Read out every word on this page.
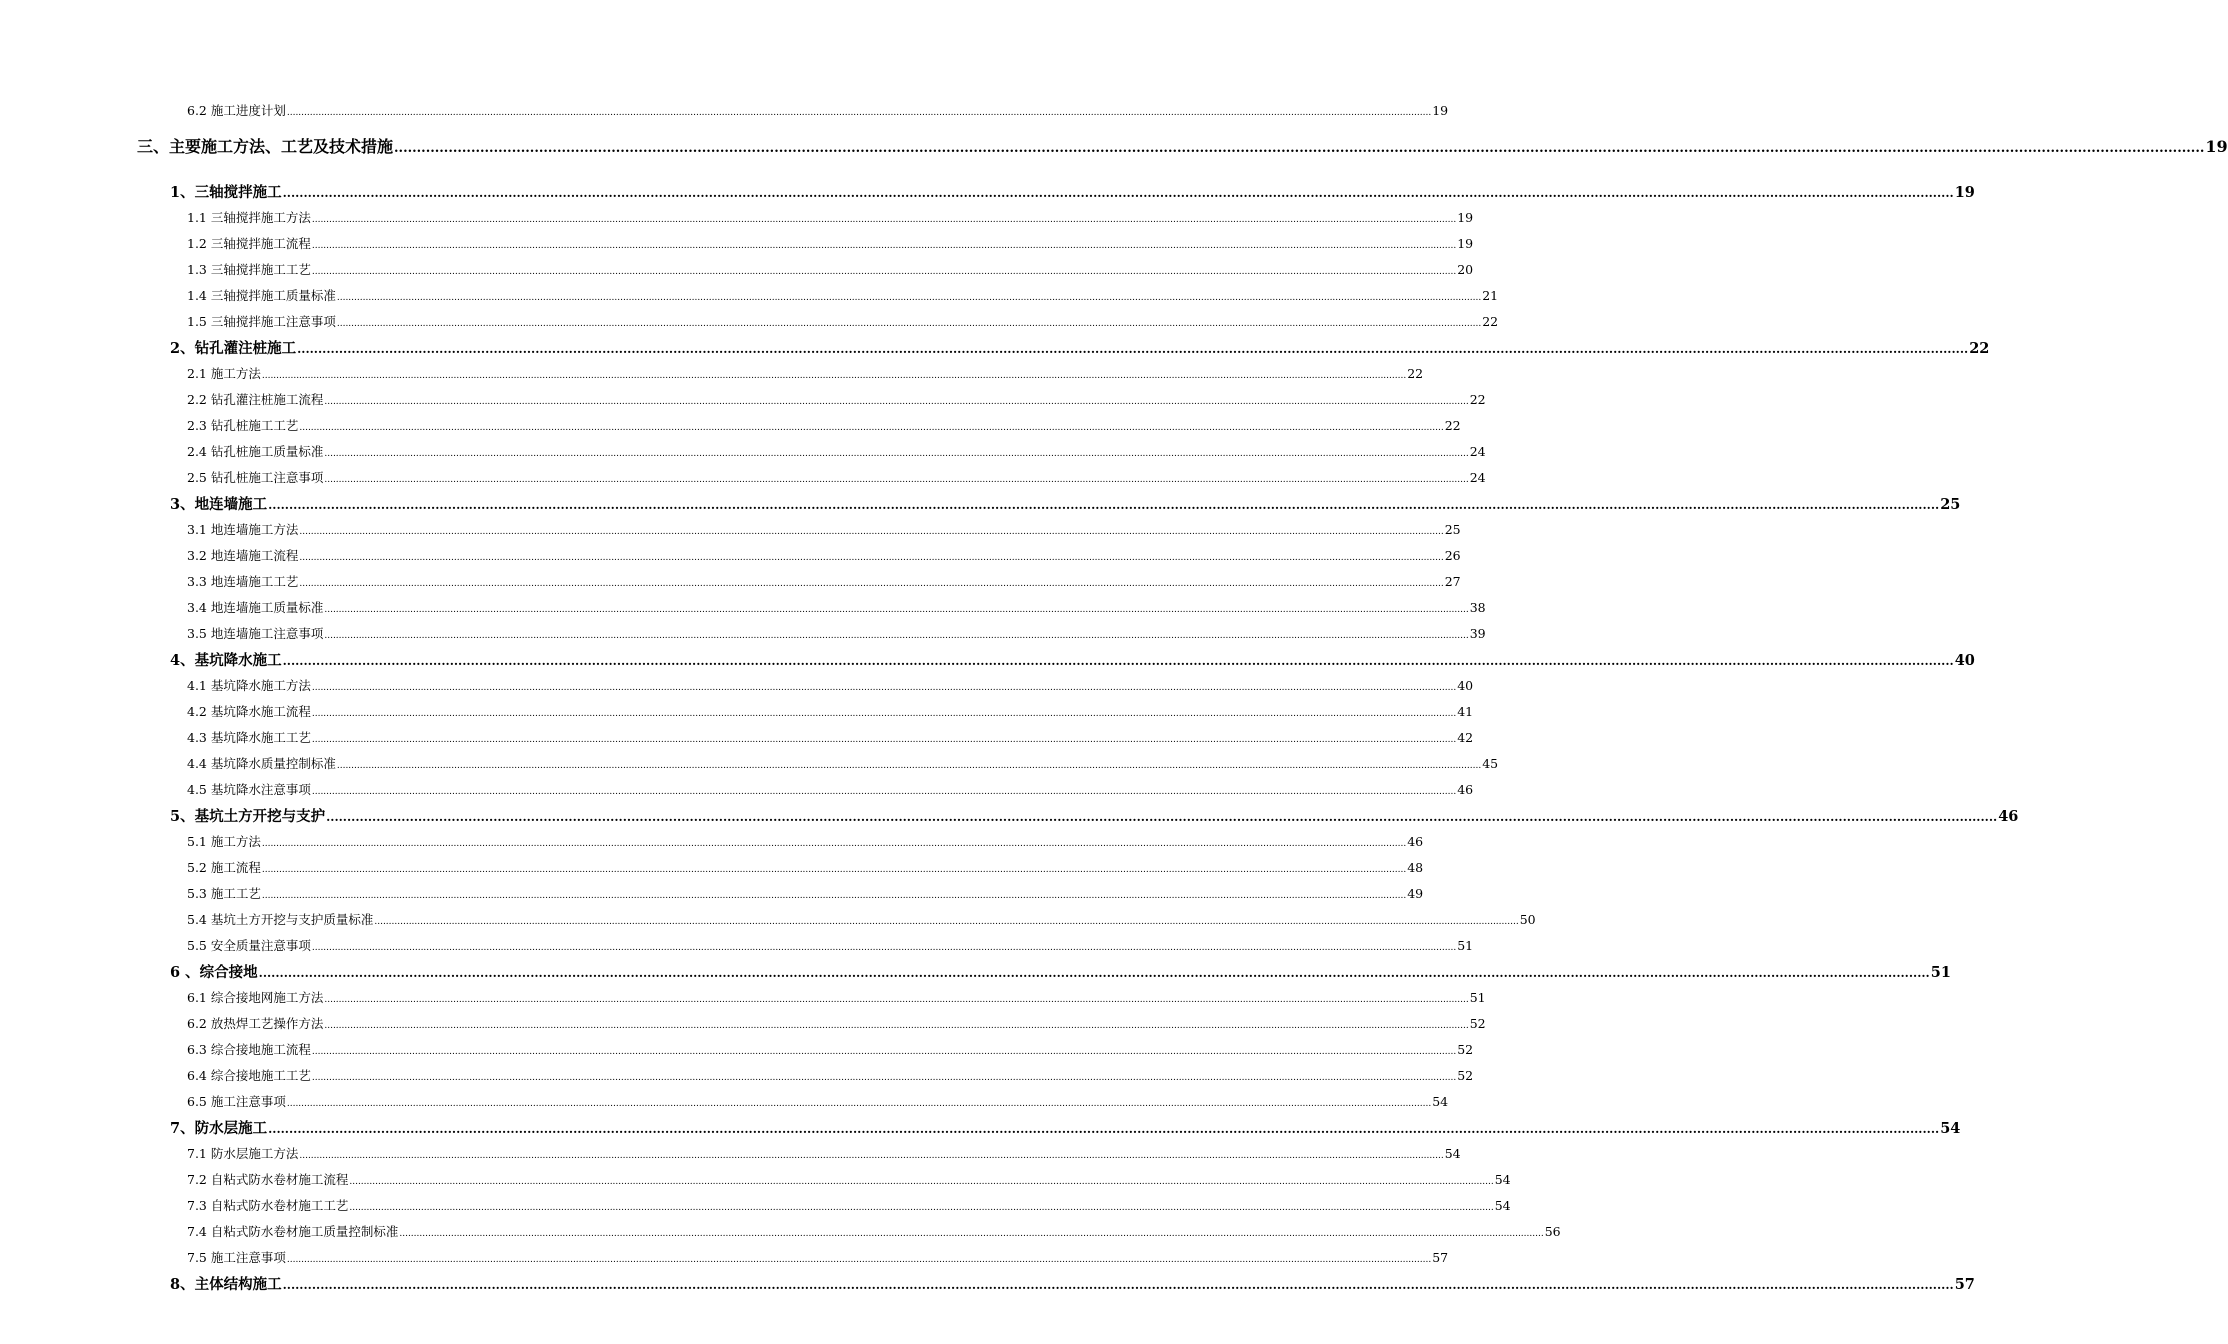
6.2 施工进度计划 ................................................................................................................................................................................................................................................................................................................................................................................................................ 19
三、主要施工方法、工艺及技术措施 ................................................................................................................................................................................................................................................................................................................................................................................................................ 19
1、三轴搅拌施工 ................................................................................................................................................................................................................................................................................................................................................................................................................ 19
1.1 三轴搅拌施工方法 ................................................................................................................................................................................................................................................................................................................................................................................................................ 19
1.2 三轴搅拌施工流程 ................................................................................................................................................................................................................................................................................................................................................................................................................ 19
1.3 三轴搅拌施工工艺 ................................................................................................................................................................................................................................................................................................................................................................................................................ 20
1.4 三轴搅拌施工质量标准 ................................................................................................................................................................................................................................................................................................................................................................................................................ 21
1.5 三轴搅拌施工注意事项 ................................................................................................................................................................................................................................................................................................................................................................................................................ 22
2、钻孔灌注桩施工 ................................................................................................................................................................................................................................................................................................................................................................................................................ 22
2.1 施工方法 ................................................................................................................................................................................................................................................................................................................................................................................................................ 22
2.2 钻孔灌注桩施工流程 ................................................................................................................................................................................................................................................................................................................................................................................................................ 22
2.3 钻孔桩施工工艺 ................................................................................................................................................................................................................................................................................................................................................................................................................ 22
2.4 钻孔桩施工质量标准 ................................................................................................................................................................................................................................................................................................................................................................................................................ 24
2.5 钻孔桩施工注意事项 ................................................................................................................................................................................................................................................................................................................................................................................................................ 24
3、地连墙施工 ................................................................................................................................................................................................................................................................................................................................................................................................................ 25
3.1 地连墙施工方法 ................................................................................................................................................................................................................................................................................................................................................................................................................ 25
3.2 地连墙施工流程 ................................................................................................................................................................................................................................................................................................................................................................................................................ 26
3.3 地连墙施工工艺 ................................................................................................................................................................................................................................................................................................................................................................................................................ 27
3.4 地连墙施工质量标准 ................................................................................................................................................................................................................................................................................................................................................................................................................ 38
3.5 地连墙施工注意事项 ................................................................................................................................................................................................................................................................................................................................................................................................................ 39
4、基坑降水施工 ................................................................................................................................................................................................................................................................................................................................................................................................................ 40
4.1 基坑降水施工方法 ................................................................................................................................................................................................................................................................................................................................................................................................................ 40
4.2 基坑降水施工流程 ................................................................................................................................................................................................................................................................................................................................................................................................................ 41
4.3 基坑降水施工工艺 ................................................................................................................................................................................................................................................................................................................................................................................................................ 42
4.4 基坑降水质量控制标准 ................................................................................................................................................................................................................................................................................................................................................................................................................ 45
4.5 基坑降水注意事项 ................................................................................................................................................................................................................................................................................................................................................................................................................ 46
5、基坑土方开挖与支护 ................................................................................................................................................................................................................................................................................................................................................................................................................ 46
5.1 施工方法 ................................................................................................................................................................................................................................................................................................................................................................................................................ 46
5.2 施工流程 ................................................................................................................................................................................................................................................................................................................................................................................................................ 48
5.3 施工工艺 ................................................................................................................................................................................................................................................................................................................................................................................................................ 49
5.4 基坑土方开挖与支护质量标准 ................................................................................................................................................................................................................................................................................................................................................................................................................ 50
5.5 安全质量注意事项 ................................................................................................................................................................................................................................................................................................................................................................................................................ 51
6 、综合接地 ................................................................................................................................................................................................................................................................................................................................................................................................................ 51
6.1 综合接地网施工方法 ................................................................................................................................................................................................................................................................................................................................................................................................................ 51
6.2 放热焊工艺操作方法 ................................................................................................................................................................................................................................................................................................................................................................................................................ 52
6.3 综合接地施工流程 ................................................................................................................................................................................................................................................................................................................................................................................................................ 52
6.4 综合接地施工工艺 ................................................................................................................................................................................................................................................................................................................................................................................................................ 52
6.5 施工注意事项 ................................................................................................................................................................................................................................................................................................................................................................................................................ 54
7、防水层施工 ................................................................................................................................................................................................................................................................................................................................................................................................................ 54
7.1 防水层施工方法 ................................................................................................................................................................................................................................................................................................................................................................................................................ 54
7.2 自粘式防水卷材施工流程 ................................................................................................................................................................................................................................................................................................................................................................................................................ 54
7.3 自粘式防水卷材施工工艺 ................................................................................................................................................................................................................................................................................................................................................................................................................ 54
7.4 自粘式防水卷材施工质量控制标准 ................................................................................................................................................................................................................................................................................................................................................................................................................ 56
7.5 施工注意事项 ................................................................................................................................................................................................................................................................................................................................................................................................................ 57
8、主体结构施工 ................................................................................................................................................................................................................................................................................................................................................................................................................ 57
